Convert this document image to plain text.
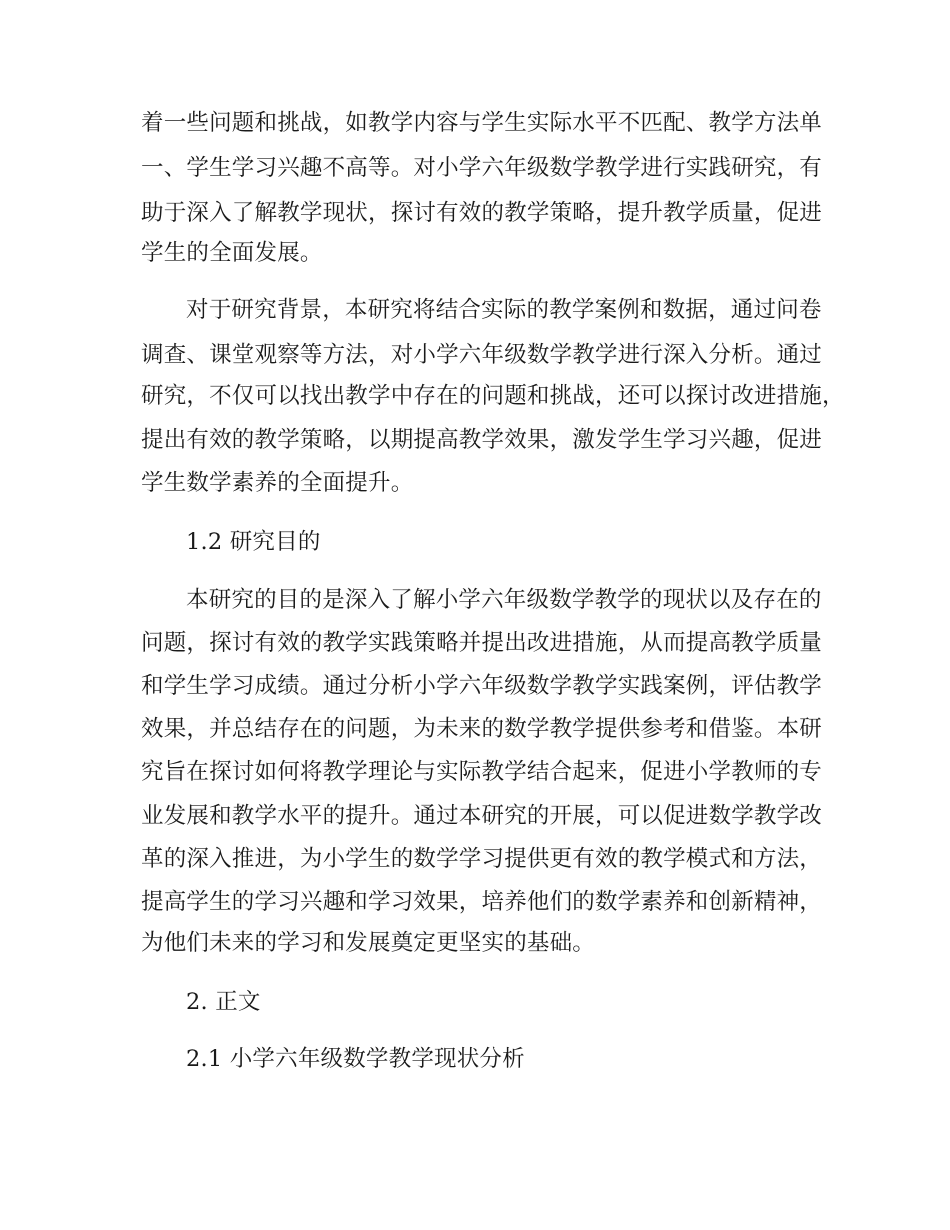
着一些问题和挑战，如教学内容与学生实际水平不匹配、教学方法单
一、学生学习兴趣不高等。对小学六年级数学教学进行实践研究，有
助于深入了解教学现状，探讨有效的教学策略，提升教学质量，促进
学生的全面发展。
对于研究背景，本研究将结合实际的教学案例和数据，通过问卷
调查、课堂观察等方法，对小学六年级数学教学进行深入分析。通过
研究，不仅可以找出教学中存在的问题和挑战，还可以探讨改进措施，
提出有效的教学策略，以期提高教学效果，激发学生学习兴趣，促进
学生数学素养的全面提升。
1.2 研究目的
本研究的目的是深入了解小学六年级数学教学的现状以及存在的
问题，探讨有效的教学实践策略并提出改进措施，从而提高教学质量
和学生学习成绩。通过分析小学六年级数学教学实践案例，评估教学
效果，并总结存在的问题，为未来的数学教学提供参考和借鉴。本研
究旨在探讨如何将教学理论与实际教学结合起来，促进小学教师的专
业发展和教学水平的提升。通过本研究的开展，可以促进数学教学改
革的深入推进，为小学生的数学学习提供更有效的教学模式和方法，
提高学生的学习兴趣和学习效果，培养他们的数学素养和创新精神，
为他们未来的学习和发展奠定更坚实的基础。
2. 正文
2.1 小学六年级数学教学现状分析
